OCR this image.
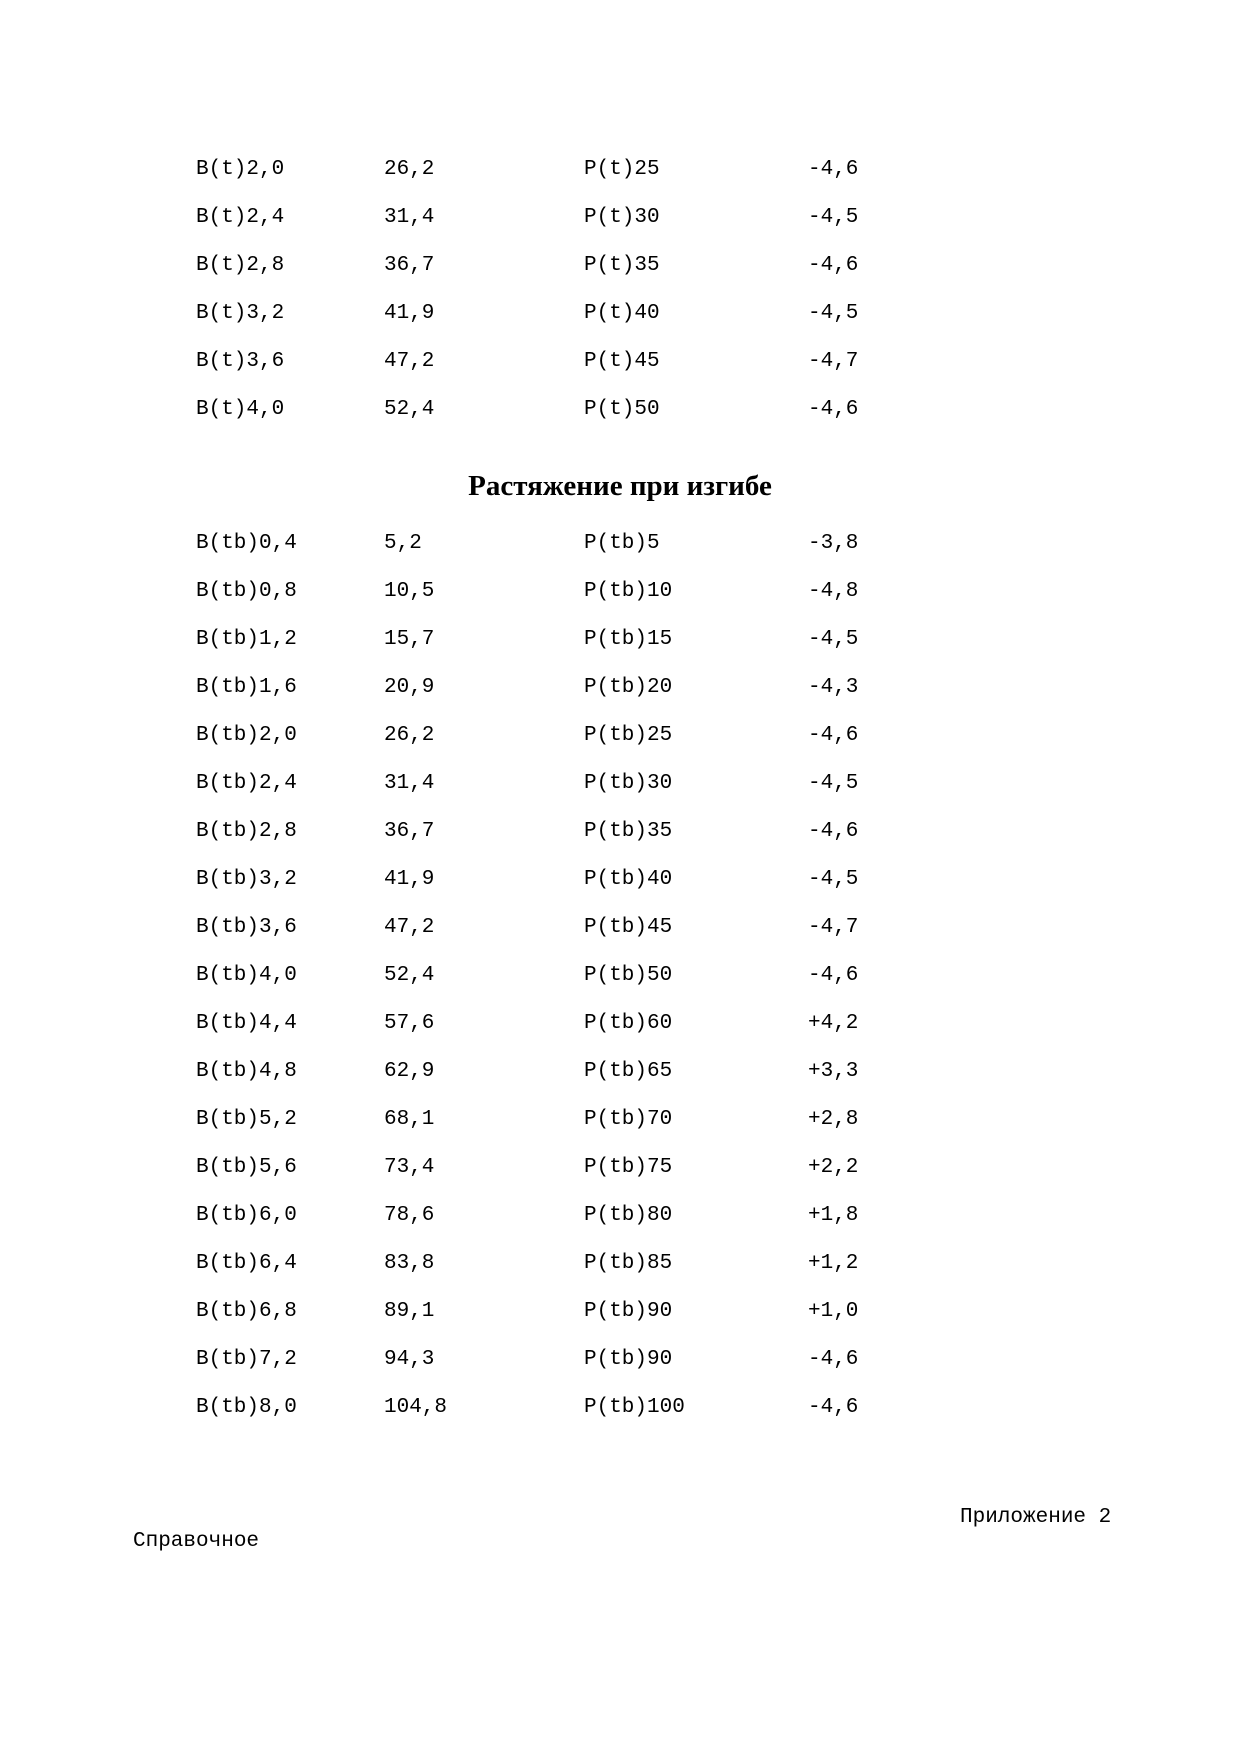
B(t)2,0	26,2	P(t)25	-4,6
B(t)2,4	31,4	P(t)30	-4,5
B(t)2,8	36,7	P(t)35	-4,6
B(t)3,2	41,9	P(t)40	-4,5
B(t)3,6	47,2	P(t)45	-4,7
B(t)4,0	52,4	P(t)50	-4,6
Растяжение при изгибе
B(tb)0,4	5,2	P(tb)5	-3,8
B(tb)0,8	10,5	P(tb)10	-4,8
B(tb)1,2	15,7	P(tb)15	-4,5
B(tb)1,6	20,9	P(tb)20	-4,3
B(tb)2,0	26,2	P(tb)25	-4,6
B(tb)2,4	31,4	P(tb)30	-4,5
B(tb)2,8	36,7	P(tb)35	-4,6
B(tb)3,2	41,9	P(tb)40	-4,5
B(tb)3,6	47,2	P(tb)45	-4,7
B(tb)4,0	52,4	P(tb)50	-4,6
B(tb)4,4	57,6	P(tb)60	+4,2
B(tb)4,8	62,9	P(tb)65	+3,3
B(tb)5,2	68,1	P(tb)70	+2,8
B(tb)5,6	73,4	P(tb)75	+2,2
B(tb)6,0	78,6	P(tb)80	+1,8
B(tb)6,4	83,8	P(tb)85	+1,2
B(tb)6,8	89,1	P(tb)90	+1,0
B(tb)7,2	94,3	P(tb)90	-4,6
B(tb)8,0	104,8	P(tb)100	-4,6
Приложение 2
Справочное
